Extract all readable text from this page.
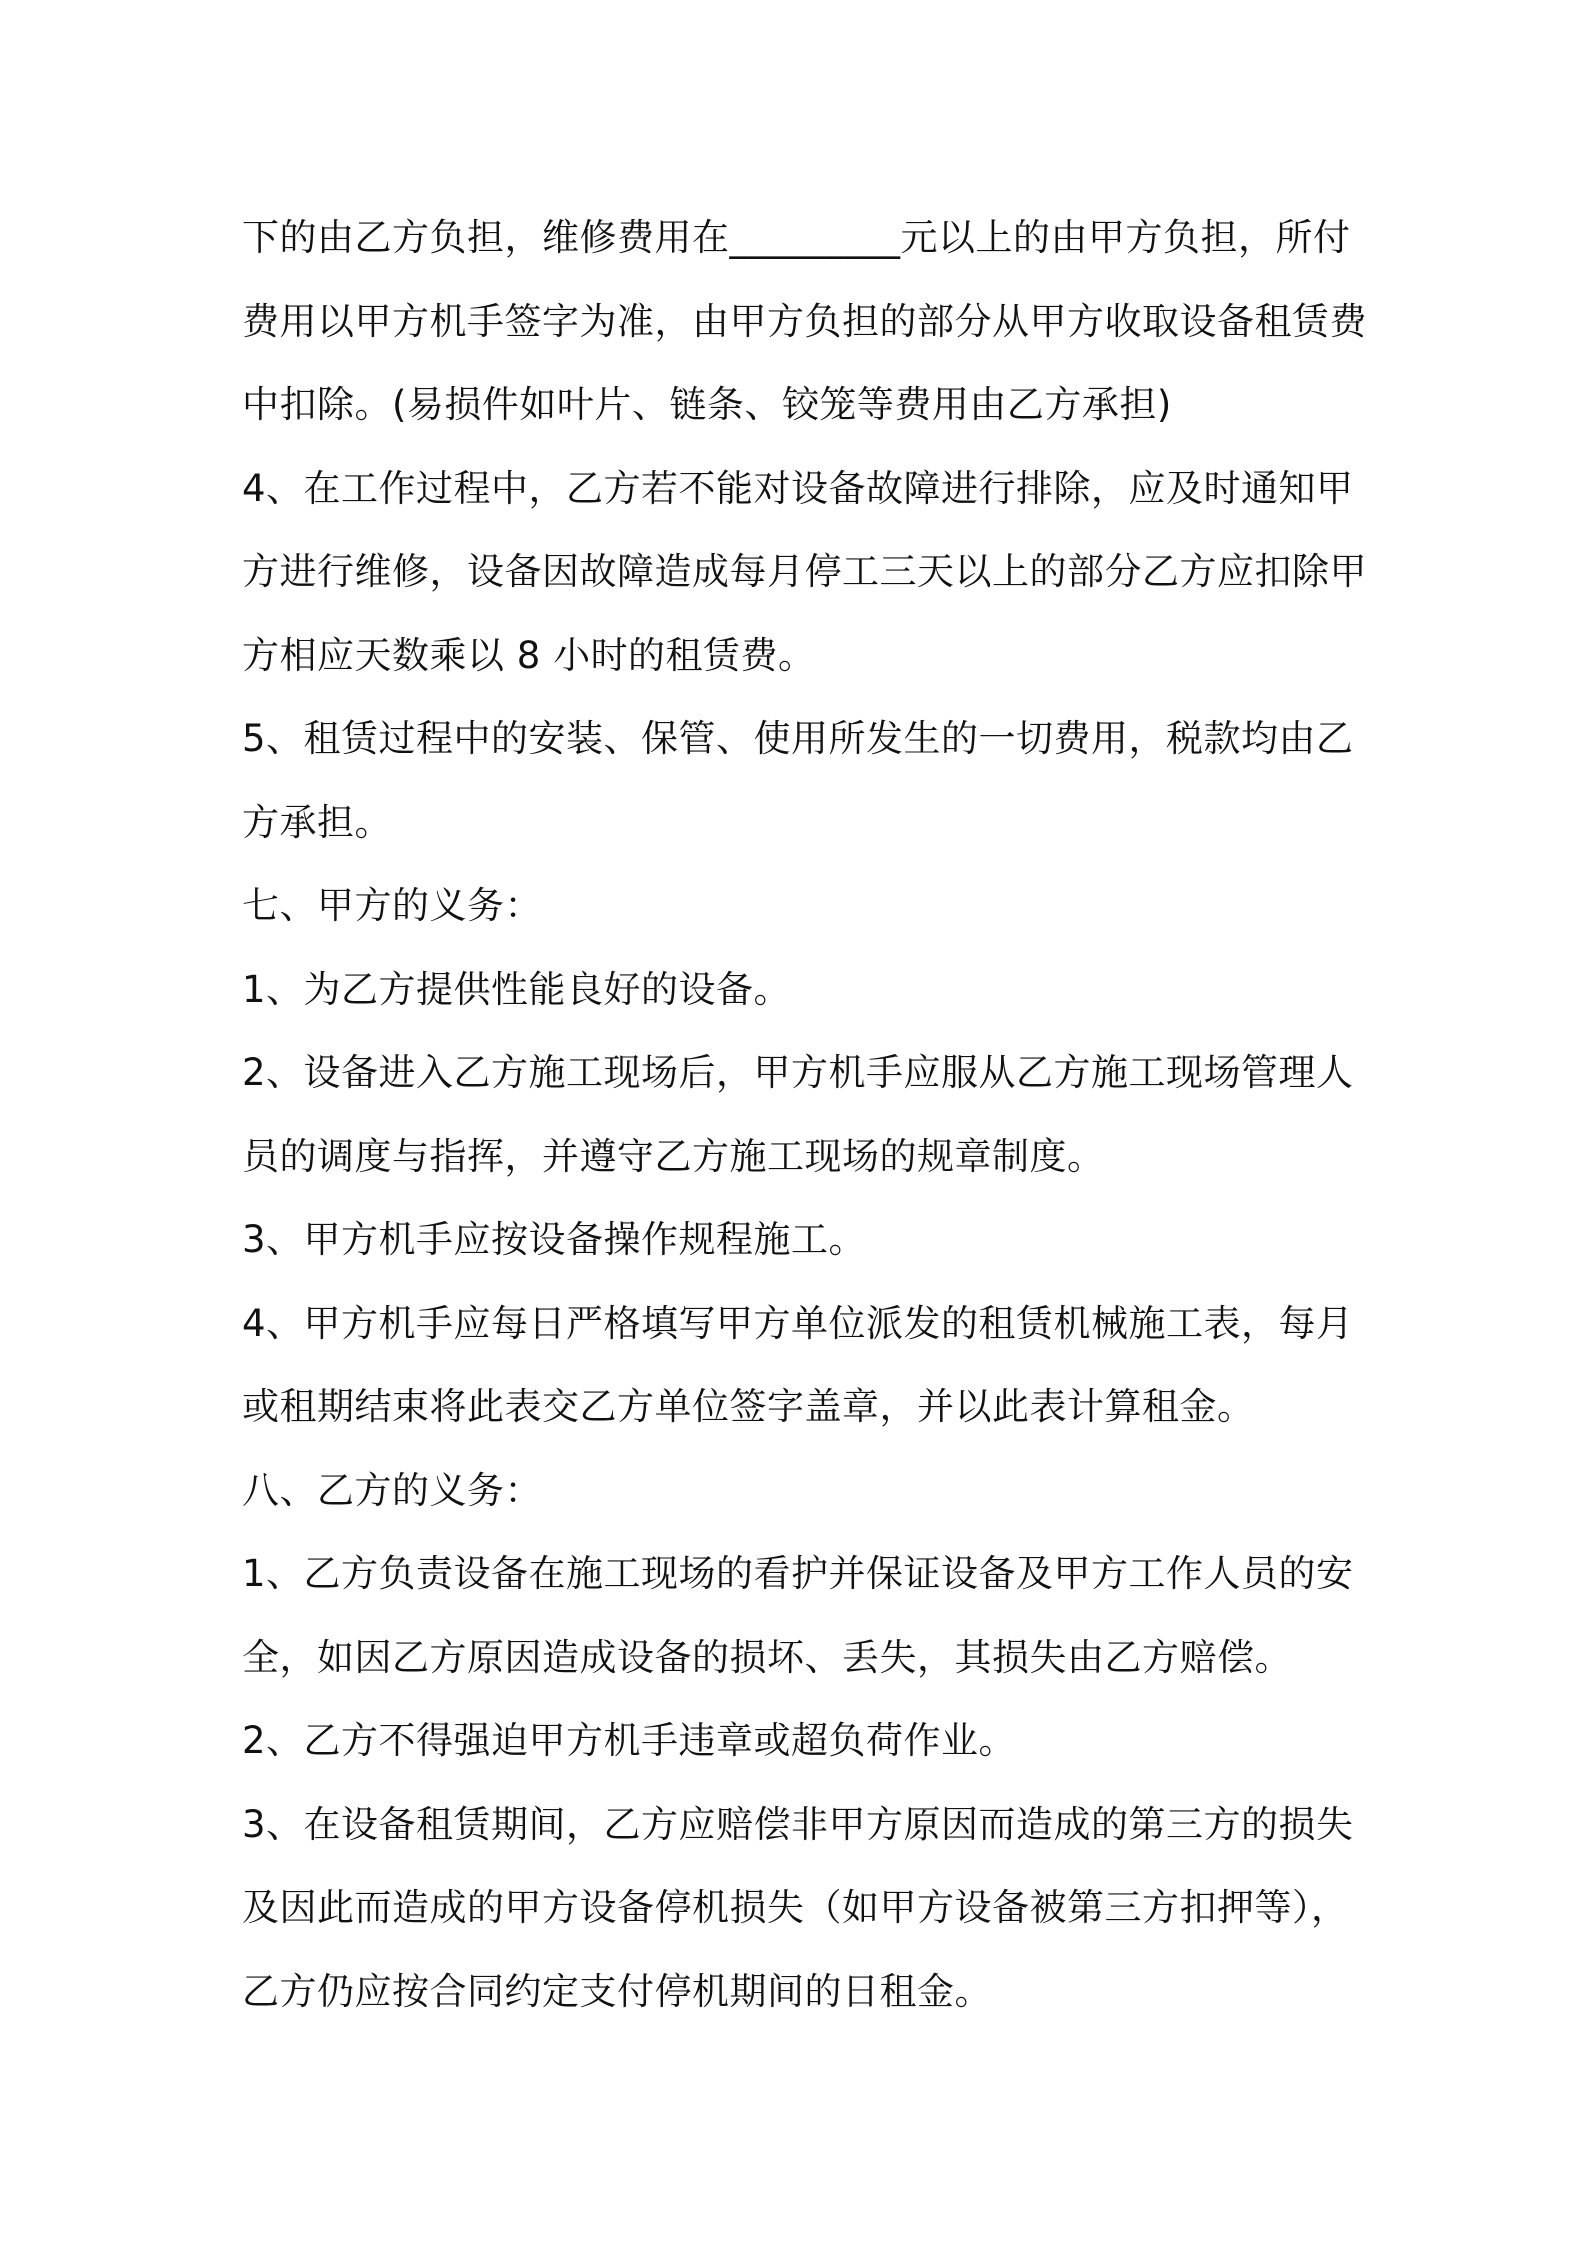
下的由乙方负担，维修费用在_________元以上的由甲方负担，所付
费用以甲方机手签字为准，由甲方负担的部分从甲方收取设备租赁费
中扣除。(易损件如叶片、链条、铰笼等费用由乙方承担)
4、在工作过程中，乙方若不能对设备故障进行排除，应及时通知甲
方进行维修，设备因故障造成每月停工三天以上的部分乙方应扣除甲
方相应天数乘以 8 小时的租赁费。
5、租赁过程中的安装、保管、使用所发生的一切费用，税款均由乙
方承担。
七、甲方的义务：
1、为乙方提供性能良好的设备。
2、设备进入乙方施工现场后，甲方机手应服从乙方施工现场管理人
员的调度与指挥，并遵守乙方施工现场的规章制度。
3、甲方机手应按设备操作规程施工。
4、甲方机手应每日严格填写甲方单位派发的租赁机械施工表，每月
或租期结束将此表交乙方单位签字盖章，并以此表计算租金。
八、乙方的义务：
1、乙方负责设备在施工现场的看护并保证设备及甲方工作人员的安
全，如因乙方原因造成设备的损坏、丢失，其损失由乙方赔偿。
2、乙方不得强迫甲方机手违章或超负荷作业。
3、在设备租赁期间，乙方应赔偿非甲方原因而造成的第三方的损失
及因此而造成的甲方设备停机损失（如甲方设备被第三方扣押等），
乙方仍应按合同约定支付停机期间的日租金。
